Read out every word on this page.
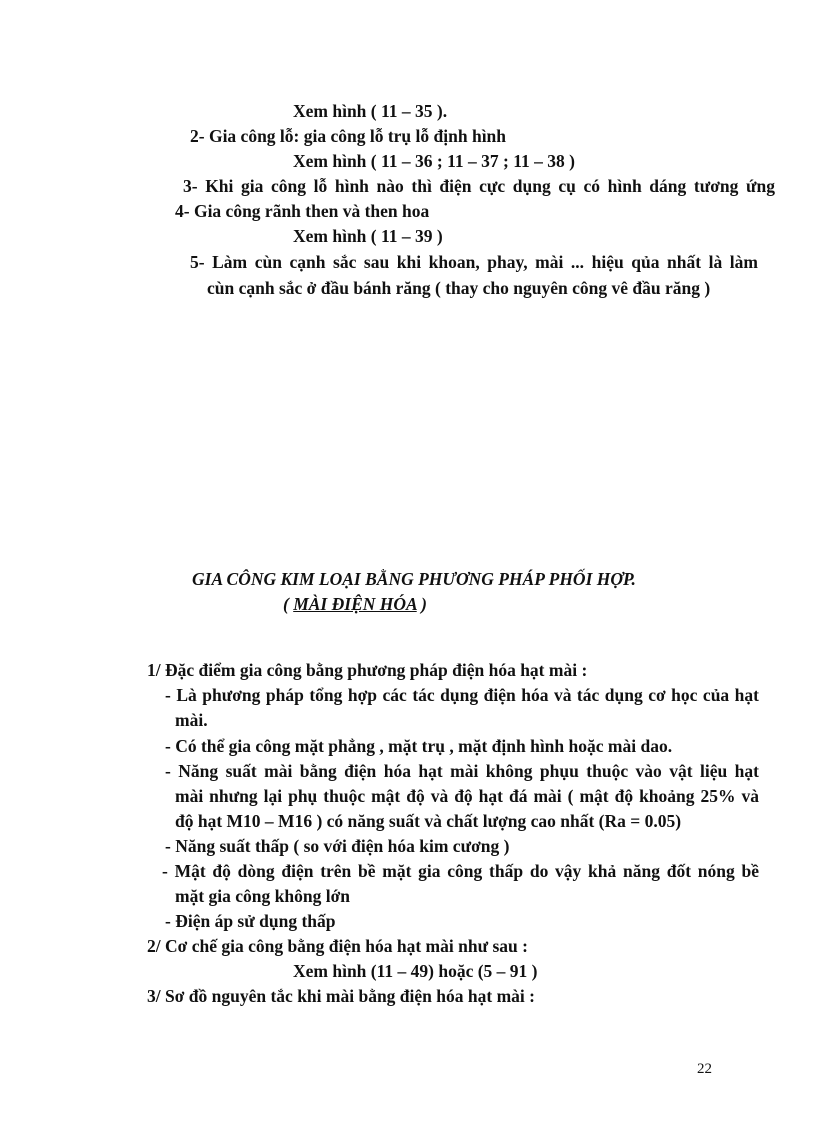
Xem hình ( 11 – 35 ).
2- Gia công lỗ: gia công lỗ trụ lỗ định hình
Xem hình ( 11 – 36 ; 11 – 37 ; 11 – 38 )
3- Khi gia công lỗ hình nào thì điện cực dụng cụ có hình dáng tương ứng
4- Gia công rãnh then và then hoa
Xem hình ( 11 – 39 )
5- Làm cùn cạnh sắc sau khi khoan, phay, mài ... hiệu qủa nhất là làm
cùn cạnh sắc ở đầu bánh răng ( thay cho nguyên công vê đầu răng )
GIA CÔNG KIM LOẠI BẰNG PHƯƠNG PHÁP PHỐI HỢP.
( MÀI ĐIỆN HÓA )
1/ Đặc điểm gia công bằng phương pháp điện hóa hạt mài :
- Là phương pháp tổng hợp các tác dụng điện hóa và tác dụng cơ học của hạt
mài.
- Có thể gia công mặt phẳng , mặt trụ , mặt định hình hoặc mài dao.
- Năng suất mài bằng điện hóa hạt mài không phụu thuộc vào vật liệu hạt
mài nhưng lại phụ thuộc mật độ và độ hạt đá mài ( mật độ khoảng 25% và
độ hạt M10 – M16 ) có năng suất và chất lượng cao nhất (Ra = 0.05)
- Năng suất thấp ( so với điện hóa kim cương )
- Mật độ dòng điện trên bề mặt gia công thấp do vậy khả năng đốt nóng bề
mặt gia công không lớn
- Điện áp sử dụng thấp
2/ Cơ chế gia công bằng điện hóa hạt mài như sau :
Xem hình (11 – 49) hoặc (5 – 91 )
3/ Sơ đồ nguyên tắc khi mài bằng điện hóa hạt mài :
22
